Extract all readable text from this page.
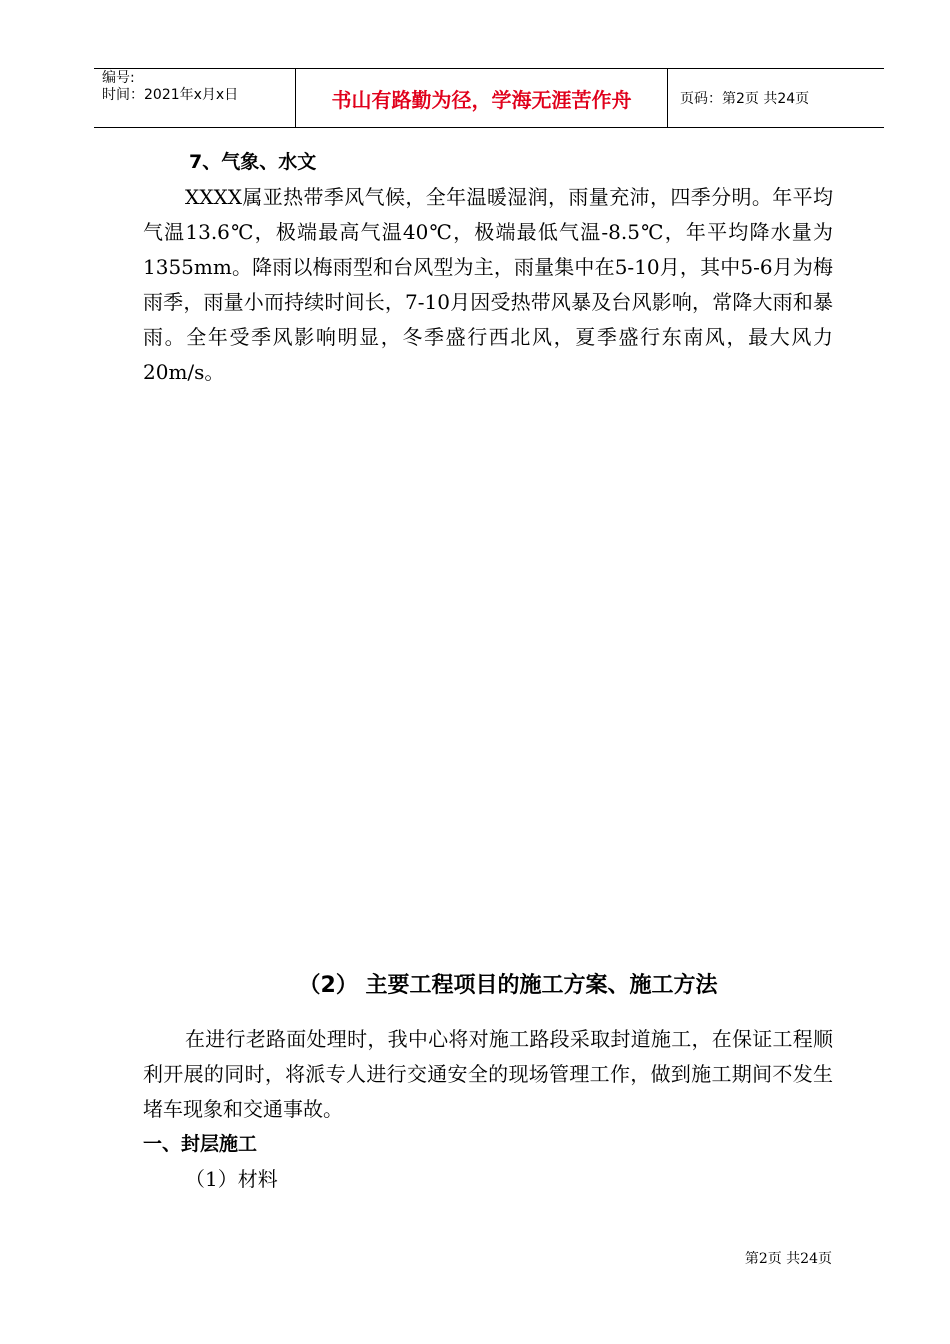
编号:
时间：2021年x月x日	书山有路勤为径，学海无涯苦作舟	页码：第2页 共24页
7、气象、水文

XXXX属亚热带季风气候，全年温暖湿润，雨量充沛，四季分明。年平均气温13.6℃，极端最高气温40℃，极端最低气温-8.5℃，年平均降水量为1355mm。降雨以梅雨型和台风型为主，雨量集中在5-10月，其中5-6月为梅雨季，雨量小而持续时间长，7-10月因受热带风暴及台风影响，常降大雨和暴雨。全年受季风影响明显，冬季盛行西北风，夏季盛行东南风，最大风力20m/s。

（2） 主要工程项目的施工方案、施工方法

在进行老路面处理时，我中心将对施工路段采取封道施工，在保证工程顺利开展的同时，将派专人进行交通安全的现场管理工作，做到施工期间不发生堵车现象和交通事故。

一、封层施工
（1）材料
第2页 共24页
